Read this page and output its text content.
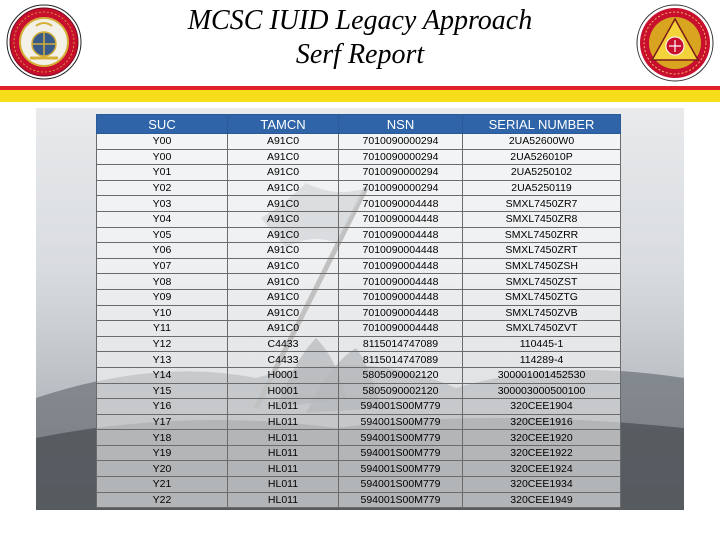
MCSC IUID Legacy Approach
Serf Report
SUC	TAMCN	NSN	SERIAL NUMBER
Y00	A91C0	7010090000294	2UA52600W0
Y00	A91C0	7010090000294	2UA526010P
Y01	A91C0	7010090000294	2UA5250102
Y02	A91C0	7010090000294	2UA5250119
Y03	A91C0	7010090004448	SMXL7450ZR7
Y04	A91C0	7010090004448	SMXL7450ZR8
Y05	A91C0	7010090004448	SMXL7450ZRR
Y06	A91C0	7010090004448	SMXL7450ZRT
Y07	A91C0	7010090004448	SMXL7450ZSH
Y08	A91C0	7010090004448	SMXL7450ZST
Y09	A91C0	7010090004448	SMXL7450ZTG
Y10	A91C0	7010090004448	SMXL7450ZVB
Y11	A91C0	7010090004448	SMXL7450ZVT
Y12	C4433	8115014747089	110445-1
Y13	C4433	8115014747089	114289-4
Y14	H0001	5805090002120	300001001452530
Y15	H0001	5805090002120	300003000500100
Y16	HL011	594001S00M779	320CEE1904
Y17	HL011	594001S00M779	320CEE1916
Y18	HL011	594001S00M779	320CEE1920
Y19	HL011	594001S00M779	320CEE1922
Y20	HL011	594001S00M779	320CEE1924
Y21	HL011	594001S00M779	320CEE1934
Y22	HL011	594001S00M779	320CEE1949
